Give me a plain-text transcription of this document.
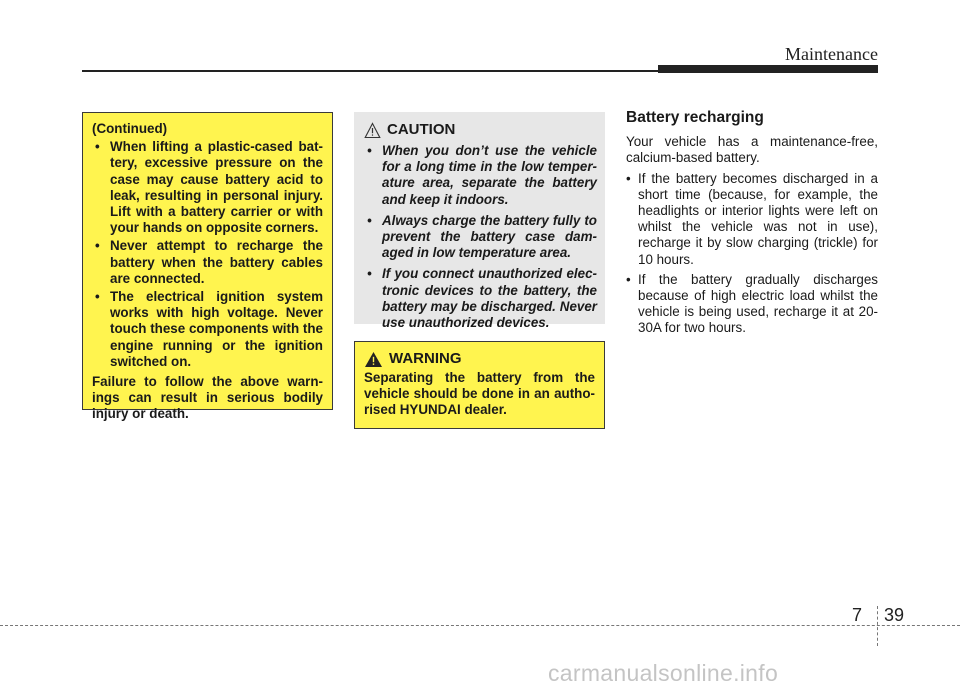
Maintenance
(Continued)
• When lifting a plastic-cased bat-tery, excessive pressure on the case may cause battery acid to leak, resulting in personal injury. Lift with a battery carrier or with your hands on opposite corners.
• Never attempt to recharge the battery when the battery cables are connected.
• The electrical ignition system works with high voltage. Never touch these components with the engine running or the ignition switched on.

Failure to follow the above warn-ings can result in serious bodily injury or death.

CAUTION
• When you don’t use the vehicle for a long time in the low temper-ature area, separate the battery and keep it indoors.
• Always charge the battery fully to prevent the battery case dam-aged in low temperature area.
• If you connect unauthorized elec-tronic devices to the battery, the battery may be discharged. Never use unauthorized devices.
WARNING
Separating the battery from the vehicle should be done in an autho-rised HYUNDAI dealer.
Battery recharging

Your vehicle has a maintenance-free, calcium-based battery.

• If the battery becomes discharged in a short time (because, for example, the headlights or interior lights were left on whilst the vehicle was not in use), recharge it by slow charging (trickle) for 10 hours.
• If the battery gradually discharges because of high electric load whilst the vehicle is being used, recharge it at 20-30A for two hours.
7 39
carmanualsonline.info
